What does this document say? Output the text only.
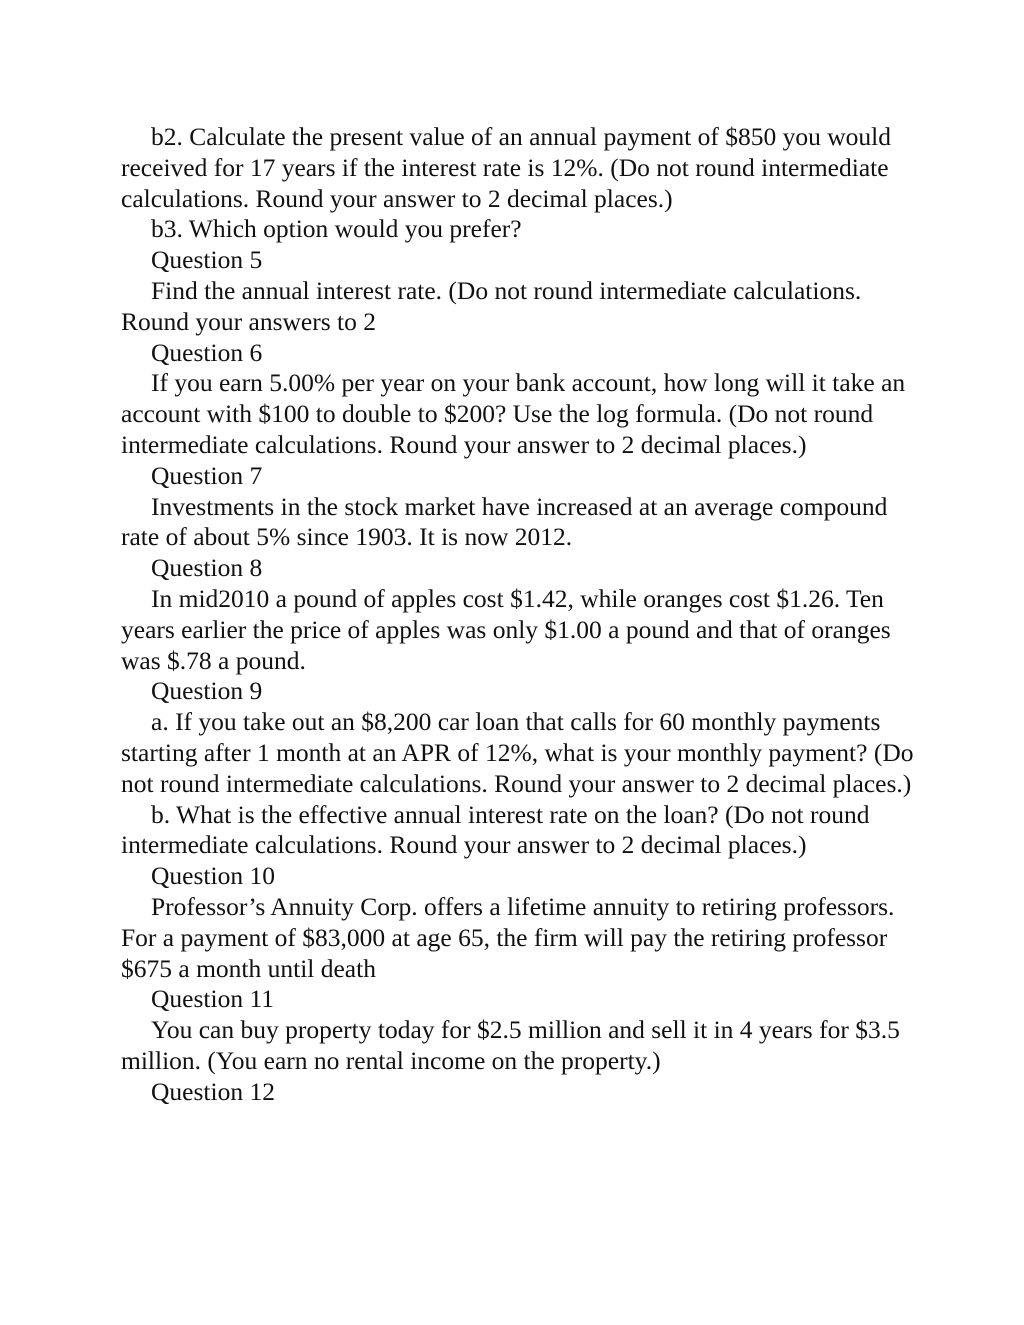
b2. Calculate the present value of an annual payment of $850 you would received for 17 years if the interest rate is 12%. (Do not round intermediate calculations. Round your answer to 2 decimal places.)

b3. Which option would you prefer?

Question 5

Find the annual interest rate. (Do not round intermediate calculations. Round your answers to 2

Question 6

If you earn 5.00% per year on your bank account, how long will it take an account with $100 to double to $200? Use the log formula. (Do not round intermediate calculations. Round your answer to 2 decimal places.)

Question 7

Investments in the stock market have increased at an average compound rate of about 5% since 1903. It is now 2012.

Question 8

In mid2010 a pound of apples cost $1.42, while oranges cost $1.26. Ten years earlier the price of apples was only $1.00 a pound and that of oranges was $.78 a pound.

Question 9

a. If you take out an $8,200 car loan that calls for 60 monthly payments starting after 1 month at an APR of 12%, what is your monthly payment? (Do not round intermediate calculations. Round your answer to 2 decimal places.)

b. What is the effective annual interest rate on the loan? (Do not round intermediate calculations. Round your answer to 2 decimal places.)

Question 10

Professor’s Annuity Corp. offers a lifetime annuity to retiring professors. For a payment of $83,000 at age 65, the firm will pay the retiring professor $675 a month until death

Question 11

You can buy property today for $2.5 million and sell it in 4 years for $3.5 million. (You earn no rental income on the property.)

Question 12
